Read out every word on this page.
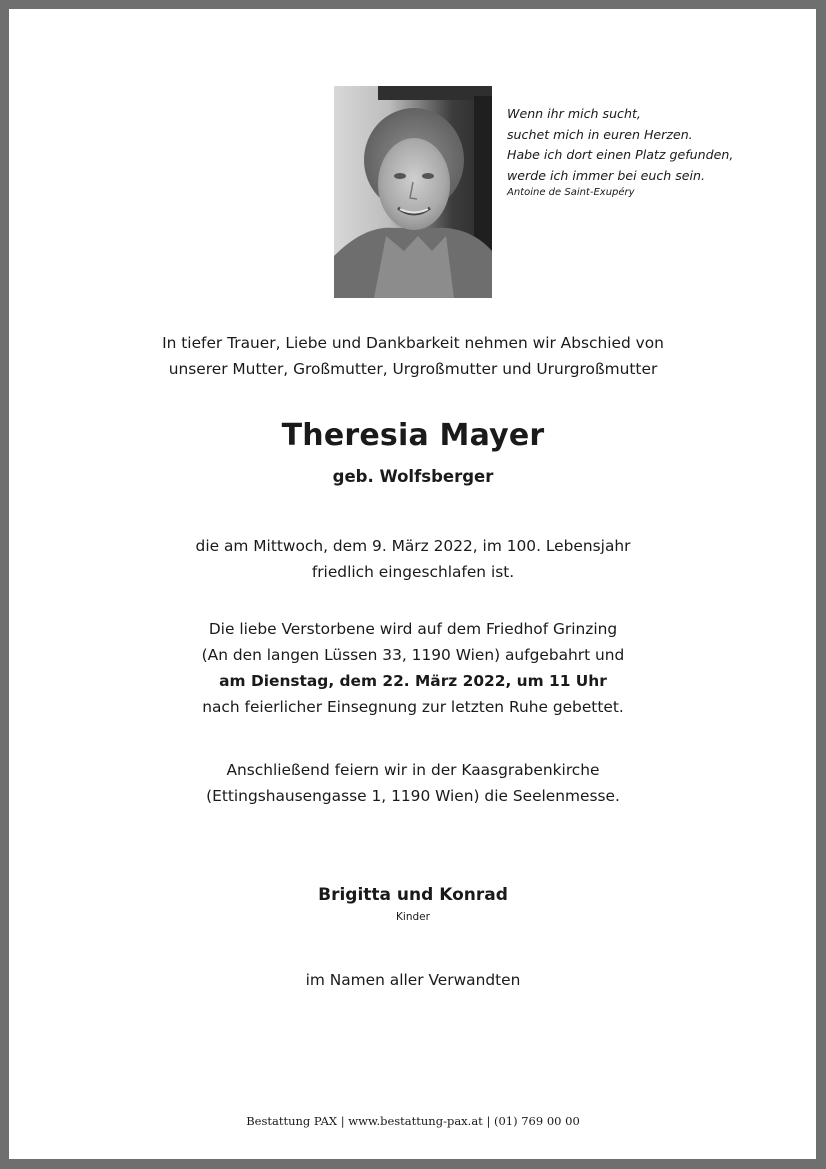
Wenn ihr mich sucht,
suchet mich in euren Herzen.
Habe ich dort einen Platz gefunden,
werde ich immer bei euch sein.
Antoine de Saint-Exupéry
In tiefer Trauer, Liebe und Dankbarkeit nehmen wir Abschied von
unserer Mutter, Großmutter, Urgroßmutter und Ururgroßmutter
Theresia Mayer
geb. Wolfsberger
die am Mittwoch, dem 9. März 2022, im 100. Lebensjahr
friedlich eingeschlafen ist.
Die liebe Verstorbene wird auf dem Friedhof Grinzing
(An den langen Lüssen 33, 1190 Wien) aufgebahrt und
am Dienstag, dem 22. März 2022, um 11 Uhr
nach feierlicher Einsegnung zur letzten Ruhe gebettet.
Anschließend feiern wir in der Kaasgrabenkirche
(Ettingshausengasse 1, 1190 Wien) die Seelenmesse.
Brigitta und Konrad
Kinder
im Namen aller Verwandten
Bestattung PAX | www.bestattung-pax.at | (01) 769 00 00
